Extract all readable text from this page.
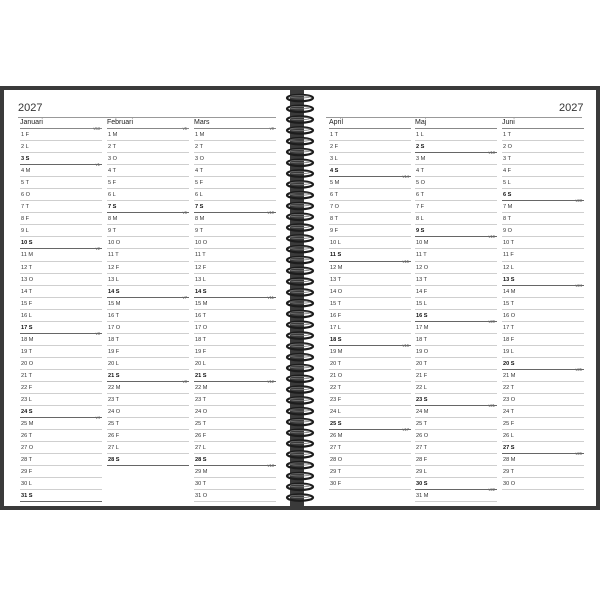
2027	2027
Januari
1 F
v53
2 L
3 S
4 M
v1
5 T
6 O
7 T
8 F
9 L
10 S
11 M
v2
12 T
13 O
14 T
15 F
16 L
17 S
18 M
v3
19 T
20 O
21 T
22 F
23 L
24 S
25 M
v4
26 T
27 O
28 T
29 F
30 L
31 S
Februari
1 M
v5
2 T
3 O
4 T
5 F
6 L
7 S
8 M
v6
9 T
10 O
11 T
12 F
13 L
14 S
15 M
v7
16 T
17 O
18 T
19 F
20 L
21 S
22 M
v8
23 T
24 O
25 T
26 F
27 L
28 S
Mars
1 M
v9
2 T
3 O
4 T
5 F
6 L
7 S
8 M
v10
9 T
10 O
11 T
12 F
13 L
14 S
15 M
v11
16 T
17 O
18 T
19 F
20 L
21 S
22 M
v12
23 T
24 O
25 T
26 F
27 L
28 S
29 M
v13
30 T
31 O
April
1 T
2 F
3 L
4 S
5 M
v14
6 T
7 O
8 T
9 F
10 L
11 S
12 M
v15
13 T
14 O
15 T
16 F
17 L
18 S
19 M
v16
20 T
21 O
22 T
23 F
24 L
25 S
26 M
v17
27 T
28 O
29 T
30 F
Maj
1 L
2 S
3 M
v18
4 T
5 O
6 T
7 F
8 L
9 S
10 M
v19
11 T
12 O
13 T
14 F
15 L
16 S
17 M
v20
18 T
19 O
20 T
21 F
22 L
23 S
24 M
v21
25 T
26 O
27 T
28 F
29 L
30 S
31 M
v22
Juni
1 T
2 O
3 T
4 F
5 L
6 S
7 M
v23
8 T
9 O
10 T
11 F
12 L
13 S
14 M
v24
15 T
16 O
17 T
18 F
19 L
20 S
21 M
v25
22 T
23 O
24 T
25 F
26 L
27 S
28 M
v26
29 T
30 O
